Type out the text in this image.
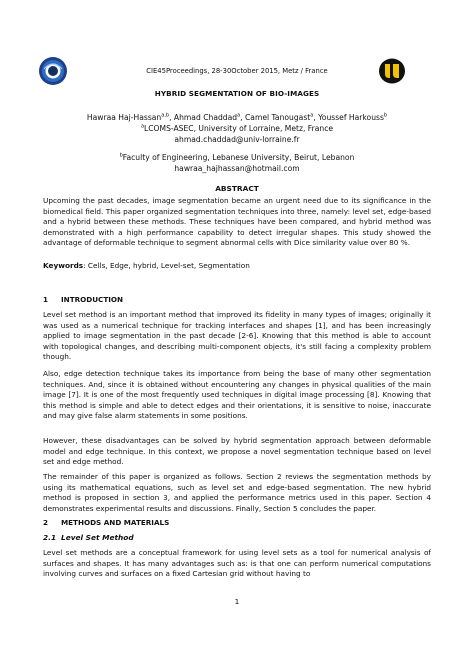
CIE45Proceedings, 28-30October 2015, Metz / France
HYBRID SEGMENTATION OF BIO-IMAGES
Hawraa Haj-Hassan$^{a,b}$, Ahmad Chaddad$^a$, Camel Tanougast$^a$, Youssef Harkouss$^b$
$^a$LCOMS-ASEC, University of Lorraine, Metz, France
ahmad.chaddad@univ-lorraine.fr
$^b$Faculty of Engineering, Lebanese University, Beirut, Lebanon
hawraa_hajhassan@hotmail.com
ABSTRACT

Upcoming the past decades, image segmentation became an urgent need due to its significance in the biomedical field. This paper organized segmentation techniques into three, namely: level set, edge-based and a hybrid between these methods. These techniques have been compared, and hybrid method was demonstrated with a high performance capability to detect irregular shapes. This study showed the advantage of deformable technique to segment abnormal cells with Dice similarity value over 80 %.

Keywords: Cells, Edge, hybrid, Level-set, Segmentation

1 INTRODUCTION

Level set method is an important method that improved its fidelity in many types of images; originally it was used as a numerical technique for tracking interfaces and shapes [1], and has been increasingly applied to image segmentation in the past decade [2-6]. Knowing that this method is able to account with topological changes, and describing multi-component objects, it's still facing a complexity problem though.

Also, edge detection technique takes its importance from being the base of many other segmentation techniques. And, since it is obtained without encountering any changes in physical qualities of the main image [7]. It is one of the most frequently used techniques in digital image processing [8]. Knowing that this method is simple and able to detect edges and their orientations, it is sensitive to noise, inaccurate and may give false alarm statements in some positions.

However, these disadvantages can be solved by hybrid segmentation approach between deformable model and edge technique. In this context, we propose a novel segmentation technique based on level set and edge method.

The remainder of this paper is organized as follows. Section 2 reviews the segmentation methods by using its mathematical equations, such as level set and edge-based segmentation. The new hybrid method is proposed in section 3, and applied the performance metrics used in this paper. Section 4 demonstrates experimental results and discussions. Finally, Section 5 concludes the paper.

2 METHODS AND MATERIALS
2.1 Level Set Method

Level set methods are a conceptual framework for using level sets as a tool for numerical analysis of surfaces and shapes. It has many advantages such as: is that one can perform numerical computations involving curves and surfaces on a fixed Cartesian grid without having to

1
